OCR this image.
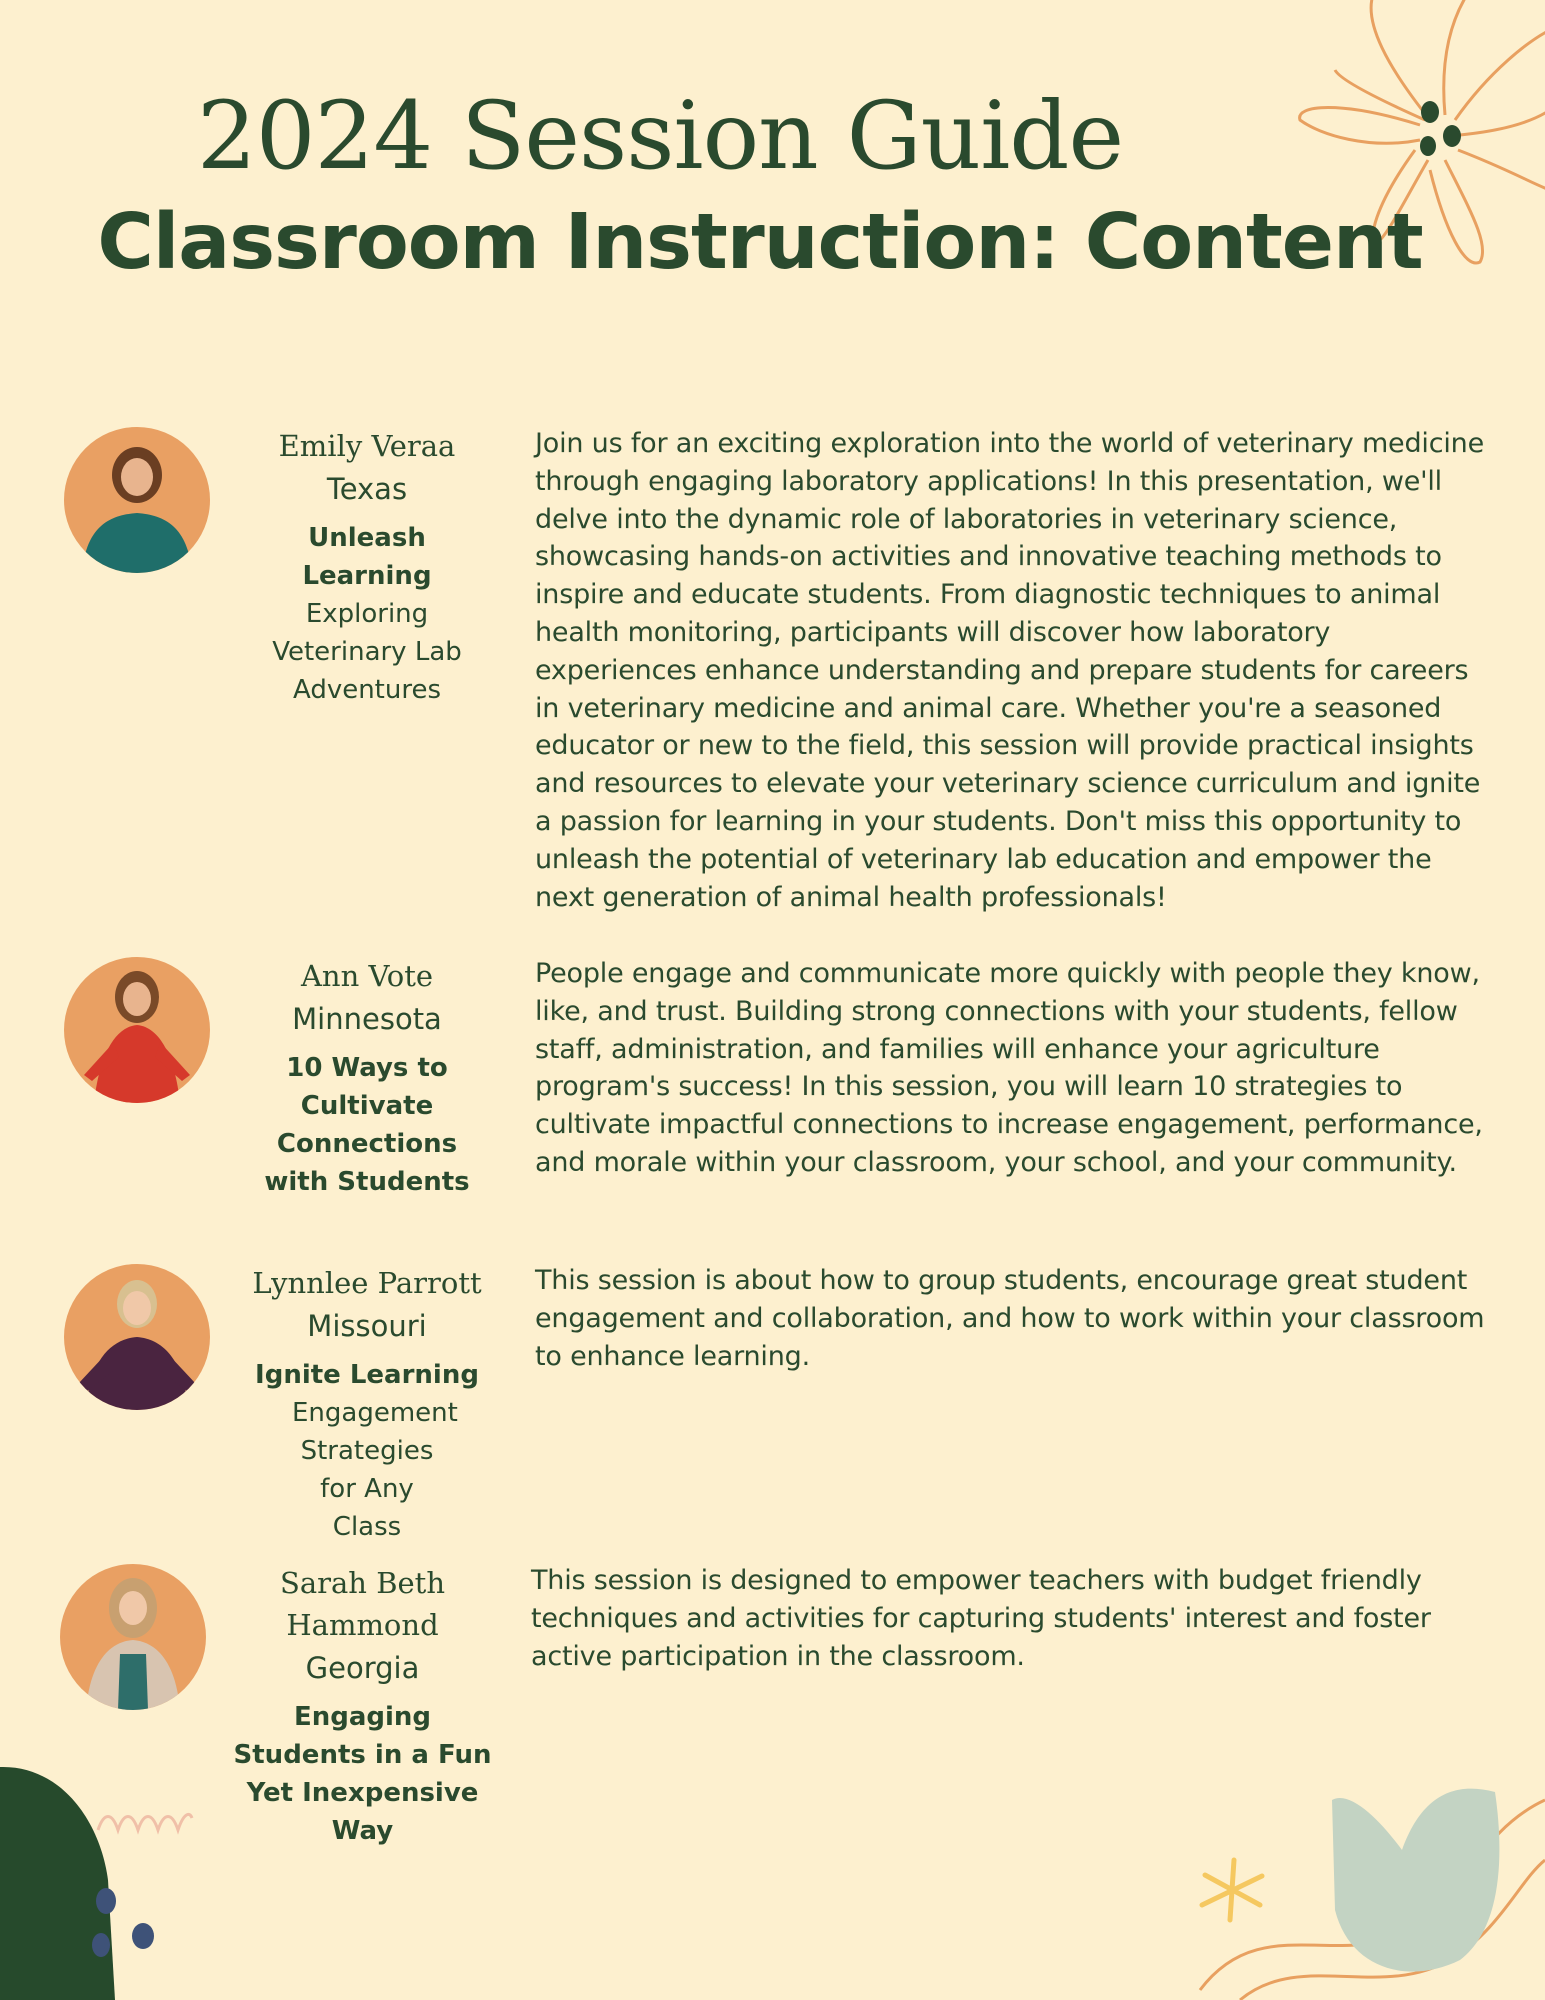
2024 Session Guide
Classroom Instruction: Content
Emily Veraa
Texas
Unleash Learning
Exploring Veterinary Lab Adventures

Join us for an exciting exploration into the world of veterinary medicine through engaging laboratory applications! In this presentation, we'll delve into the dynamic role of laboratories in veterinary science, showcasing hands-on activities and innovative teaching methods to inspire and educate students. From diagnostic techniques to animal health monitoring, participants will discover how laboratory experiences enhance understanding and prepare students for careers in veterinary medicine and animal care. Whether you're a seasoned educator or new to the field, this session will provide practical insights and resources to elevate your veterinary science curriculum and ignite a passion for learning in your students. Don't miss this opportunity to unleash the potential of veterinary lab education and empower the next generation of animal health professionals!

Ann Vote
Minnesota
10 Ways to Cultivate Connections with Students

People engage and communicate more quickly with people they know, like, and trust. Building strong connections with your students, fellow staff, administration, and families will enhance your agriculture program's success! In this session, you will learn 10 strategies to cultivate impactful connections to increase engagement, performance, and morale within your classroom, your school, and your community.

Lynnlee Parrott
Missouri
Ignite Learning
Engagement Strategies for Any Class

This session is about how to group students, encourage great student engagement and collaboration, and how to work within your classroom to enhance learning.

Sarah Beth Hammond
Georgia
Engaging Students in a Fun Yet Inexpensive Way

This session is designed to empower teachers with budget friendly techniques and activities for capturing students' interest and foster active participation in the classroom.
